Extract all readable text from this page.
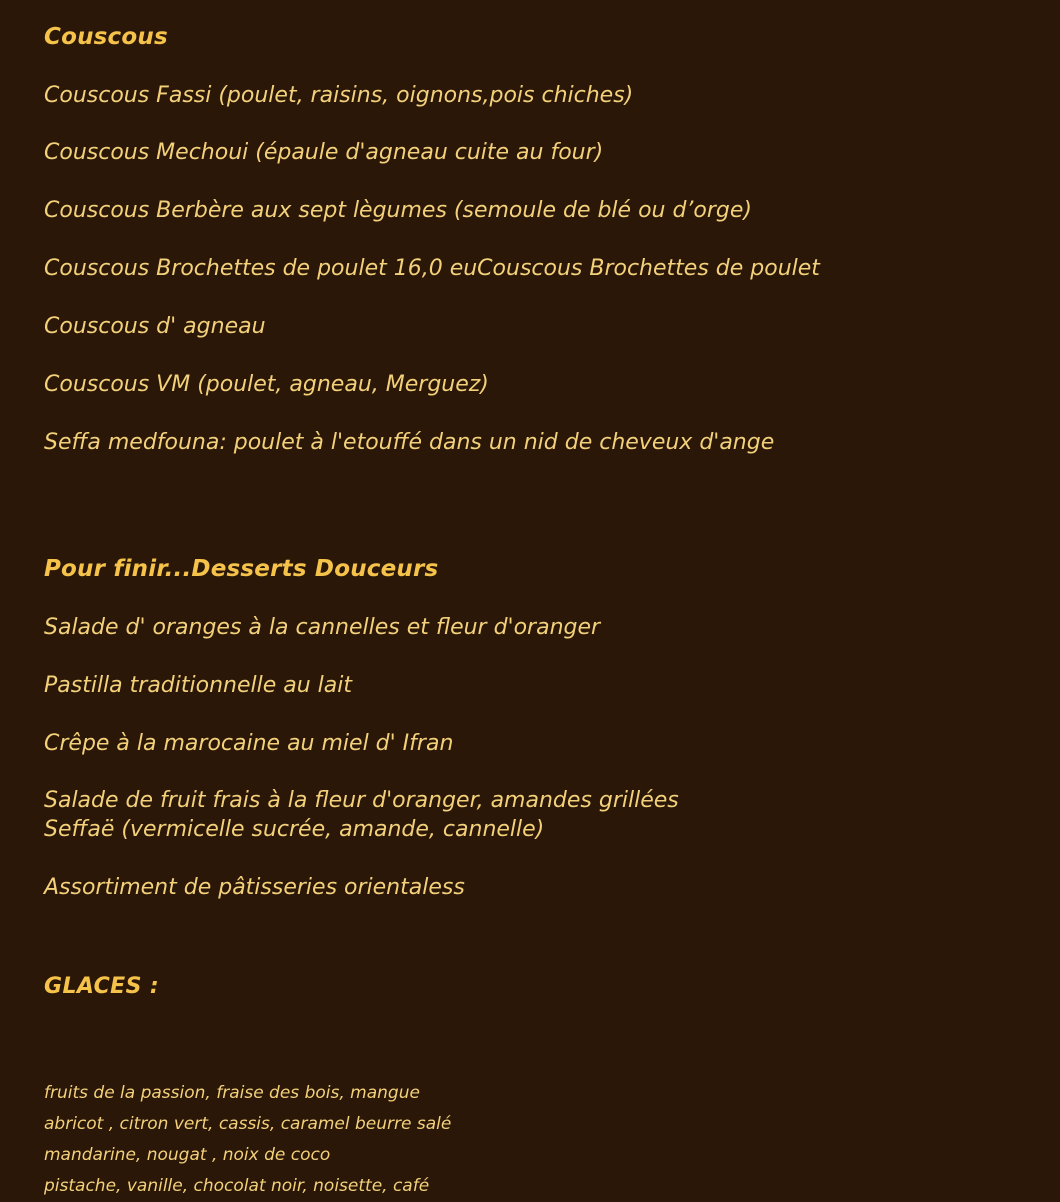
Couscous
Couscous Fassi (poulet, raisins, oignons,pois chiches)
Couscous Mechoui (épaule d'agneau cuite au four)
Couscous Berbère aux sept lègumes (semoule de blé ou d’orge)
Couscous Brochettes de poulet 16,0 euCouscous Brochettes de poulet
Couscous d' agneau
Couscous VM (poulet, agneau, Merguez)
Seffa medfouna: poulet à l'etouffé dans un nid de cheveux d'ange
Pour finir...Desserts Douceurs
Salade d' oranges à la cannelles et fleur d'oranger
Pastilla traditionnelle au lait
Crêpe à la marocaine au miel d' Ifran
Salade de fruit frais à la fleur d'oranger, amandes grillées
Seffaë (vermicelle sucrée, amande, cannelle)
Assortiment de pâtisseries orientaless
GLACES :
fruits de la passion, fraise des bois, mangue
abricot , citron vert, cassis, caramel beurre salé
mandarine, nougat , noix de coco
pistache, vanille, chocolat noir, noisette, café
